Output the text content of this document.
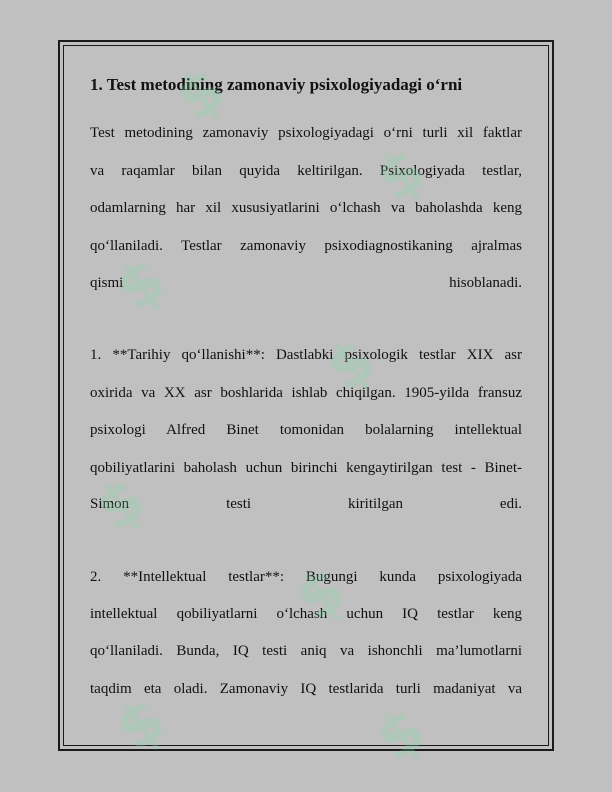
1. Test metodining zamonaviy psixologiyadagi o‘rni
Test metodining zamonaviy psixologiyadagi o‘rni turli xil faktlar
va raqamlar bilan quyida keltirilgan. Psixologiyada testlar,
odamlarning har xil xususiyatlarini o‘lchash va baholashda keng
qo‘llaniladi. Testlar zamonaviy psixodiagnostikaning ajralmas
qismi hisoblanadi.
1. **Tarihiy qo‘llanishi**: Dastlabki psixologik testlar XIX asr
oxirida va XX asr boshlarida ishlab chiqilgan. 1905-yilda fransuz
psixologi Alfred Binet tomonidan bolalarning intellektual
qobiliyatlarini baholash uchun birinchi kengaytirilgan test - Binet-
Simon testi kiritilgan edi.
2. **Intellektual testlar**: Bugungi kunda psixologiyada
intellektual qobiliyatlarni o‘lchash uchun IQ testlar keng
qo‘llaniladi. Bunda, IQ testi aniq va ishonchli ma’lumotlarni
taqdim eta oladi. Zamonaviy IQ testlarida turli madaniyat va
$
$
$
$
$
$
$	$
